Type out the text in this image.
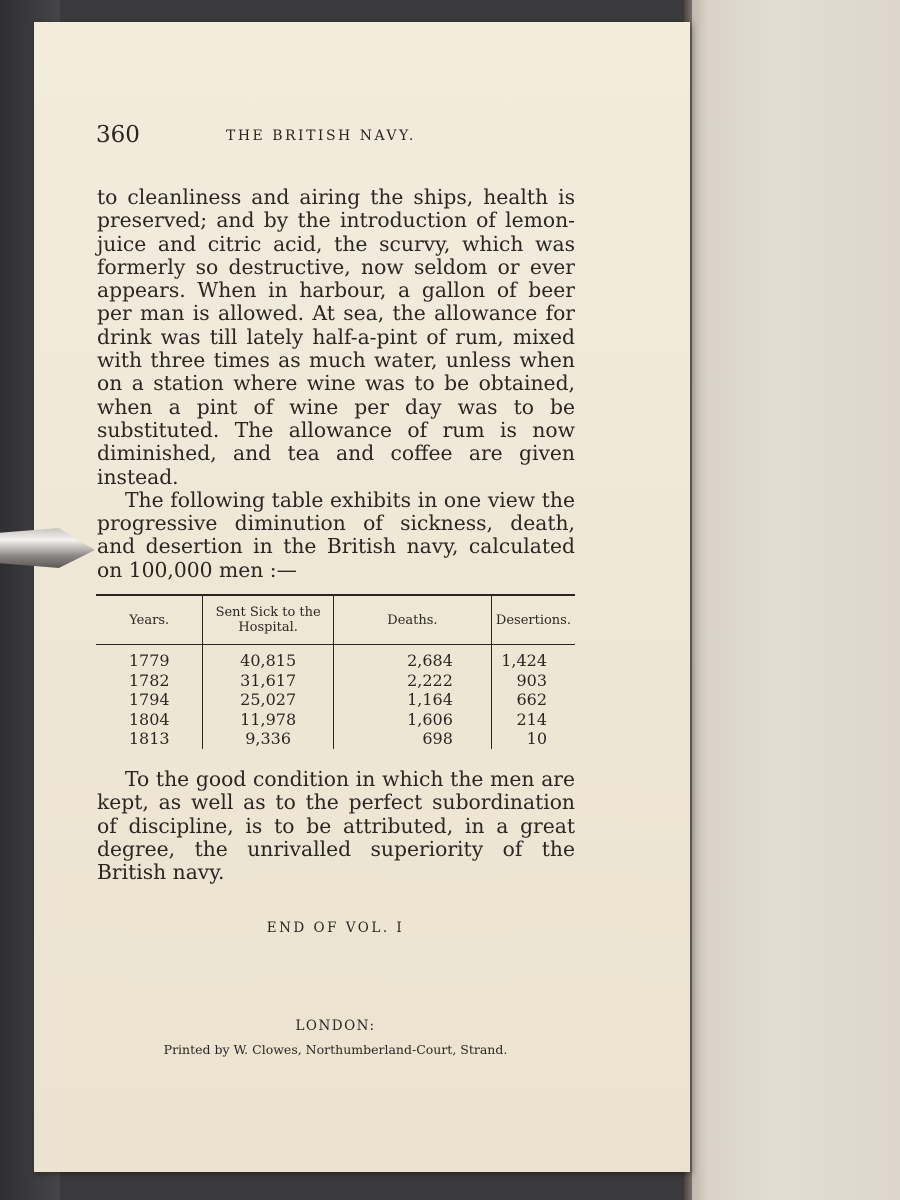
360	THE BRITISH NAVY.

to cleanliness and airing the ships, health is preserved; and by the introduction of lemon-juice and citric acid, the scurvy, which was formerly so destructive, now seldom or ever appears. When in harbour, a gallon of beer per man is allowed. At sea, the allowance for drink was till lately half-a-pint of rum, mixed with three times as much water, unless when on a station where wine was to be obtained, when a pint of wine per day was to be substituted. The allowance of rum is now diminished, and tea and coffee are given instead.

The following table exhibits in one view the progressive diminution of sickness, death, and desertion in the British navy, calculated on 100,000 men :—

Years.	Sent Sick to the Hospital.	Deaths.	Desertions.
1779	40,815	2,684	1,424
1782	31,617	2,222	903
1794	25,027	1,164	662
1804	11,978	1,606	214
1813	9,336	698	10

To the good condition in which the men are kept, as well as to the perfect subordination of discipline, is to be attributed, in a great degree, the unrivalled superiority of the British navy.

END OF VOL. I
LONDON:
Printed by W. Clowes, Northumberland-Court, Strand.
